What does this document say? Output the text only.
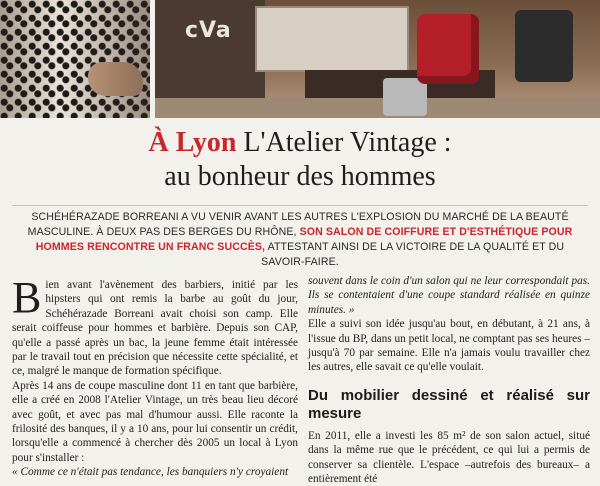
cVa
À Lyon L'Atelier Vintage :
au bonheur des hommes
SCHÉHÉRAZADE BORREANI A VU VENIR AVANT LES AUTRES L'EXPLOSION DU MARCHÉ DE LA BEAUTÉ MASCULINE. À DEUX PAS DES BERGES DU RHÔNE, SON SALON DE COIFFURE ET D'ESTHÉTIQUE POUR HOMMES RENCONTRE UN FRANC SUCCÈS, ATTESTANT AINSI DE LA VICTOIRE DE LA QUALITÉ ET DU SAVOIR-FAIRE.

Bien avant l'avènement des barbiers, initié par les hipsters qui ont remis la barbe au goût du jour, Schéhérazade Borreani avait choisi son camp. Elle serait coiffeuse pour hommes et barbière. Depuis son CAP, qu'elle a passé après un bac, la jeune femme était intéressée par le travail tout en précision que nécessite cette spécialité, et ce, malgré le manque de formation spécifique.

Après 14 ans de coupe masculine dont 11 en tant que barbière, elle a créé en 2008 l'Atelier Vintage, un très beau lieu décoré avec goût, et avec pas mal d'humour aussi. Elle raconte la frilosité des banques, il y a 10 ans, pour lui consentir un crédit, lorsqu'elle a commencé à chercher dès 2005 un local à Lyon pour s'installer :

« Comme ce n'était pas tendance, les banquiers n'y croyaient

souvent dans le coin d'un salon qui ne leur correspondait pas. Ils se contentaient d'une coupe standard réalisée en quinze minutes. »

Elle a suivi son idée jusqu'au bout, en débutant, à 21 ans, à l'issue du BP, dans un petit local, ne comptant pas ses heures –jusqu'à 70 par semaine. Elle n'a jamais voulu travailler chez les autres, elle savait ce qu'elle voulait.

Du mobilier dessiné et réalisé sur mesure

En 2011, elle a investi les 85 m² de son salon actuel, situé dans la même rue que le précédent, ce qui lui a permis de conserver sa clientèle. L'espace –autrefois des bureaux– a entièrement été
